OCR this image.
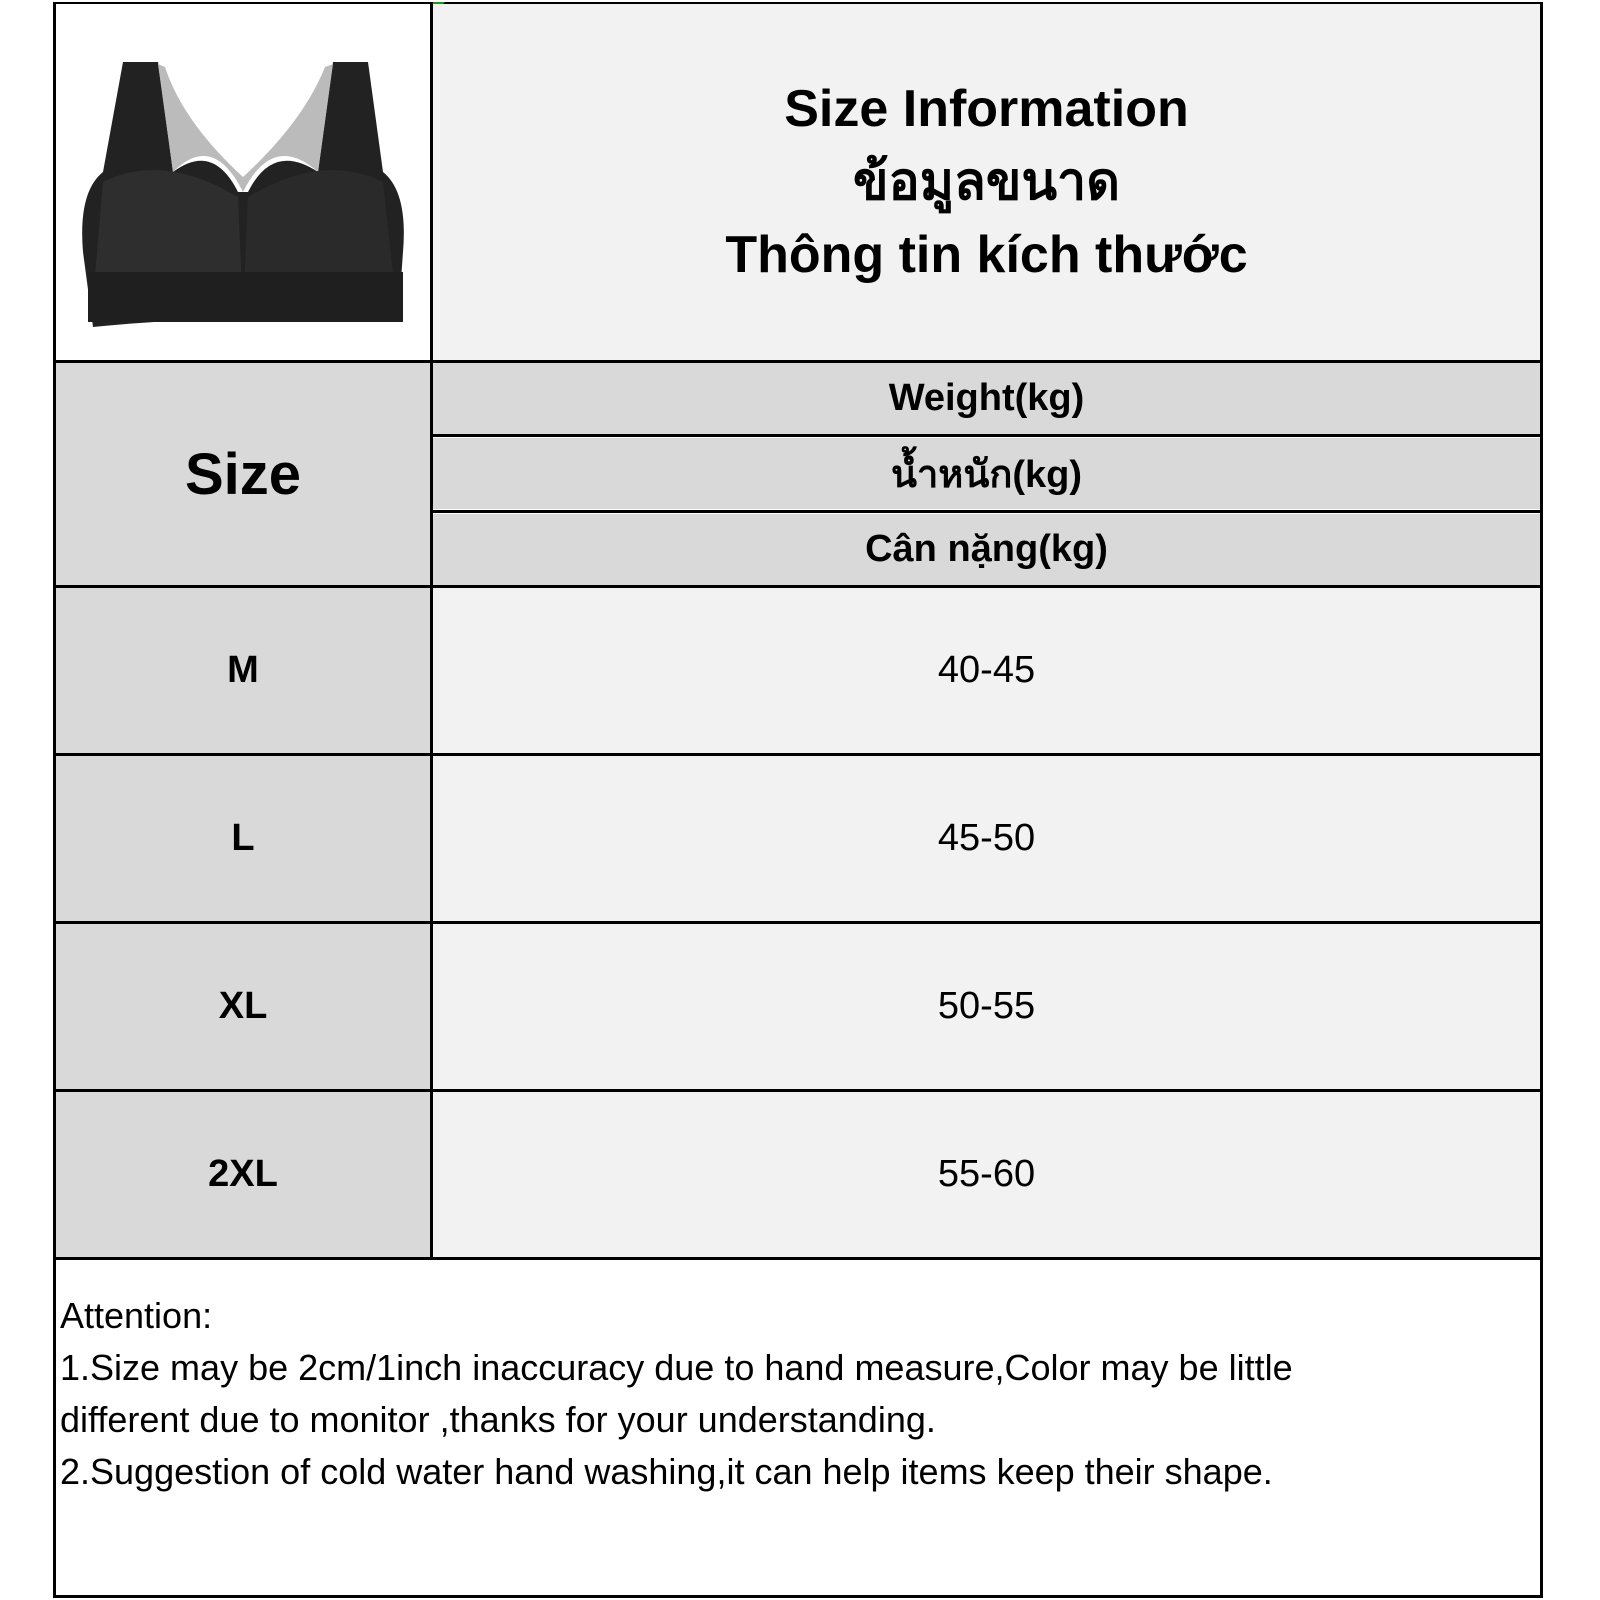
Size Information
ข้อมูลขนาด
Thông tin kích thước
Size
Weight(kg)
น้ำหนัก(kg)
Cân nặng(kg)
M	40-45
L	45-50
XL	50-55
2XL	55-60
Attention:
1.Size may be 2cm/1inch inaccuracy due to hand measure,Color may be little
different due to monitor ,thanks for your understanding.
2.Suggestion of cold water hand washing,it can help items keep their shape.
